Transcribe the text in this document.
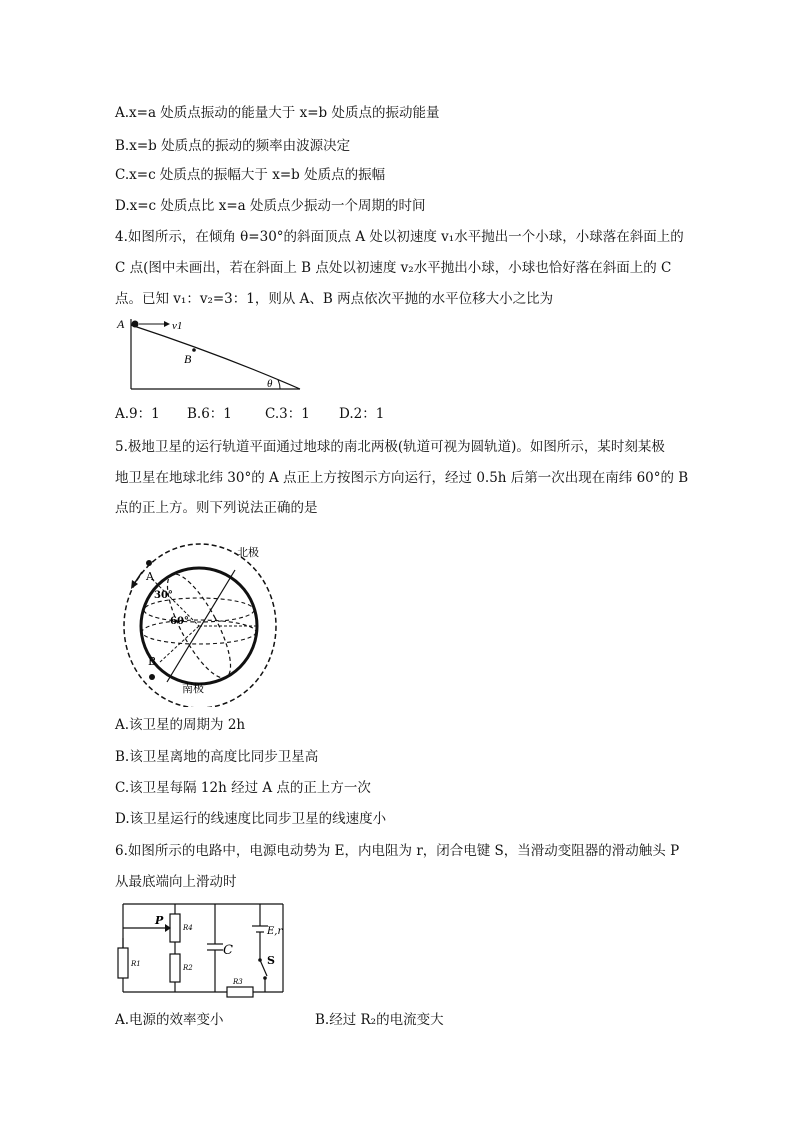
A.x=a 处质点振动的能量大于 x=b 处质点的振动能量
B.x=b 处质点的振动的频率由波源决定
C.x=c 处质点的振幅大于 x=b 处质点的振幅
D.x=c 处质点比 x=a 处质点少振动一个周期的时间
4.如图所示，在倾角 θ=30°的斜面顶点 A 处以初速度 v₁水平抛出一个小球，小球落在斜面上的
C 点(图中未画出，若在斜面上 B 点处以初速度 v₂水平抛出小球，小球也恰好落在斜面上的 C
点。已知 v₁：v₂=3：1，则从 A、B 两点依次平抛的水平位移大小之比为
A	v1
B
θ
A.9：1 B.6：1 C.3：1 D.2：1
5.极地卫星的运行轨道平面通过地球的南北两极(轨道可视为圆轨道)。如图所示，某时刻某极
地卫星在地球北纬 30°的 A 点正上方按图示方向运行，经过 0.5h 后第一次出现在南纬 60°的 B
点的正上方。则下列说法正确的是
北极
南极
A
B
30°
60°
A.该卫星的周期为 2h
B.该卫星离地的高度比同步卫星高
C.该卫星每隔 12h 经过 A 点的正上方一次
D.该卫星运行的线速度比同步卫星的线速度小
6.如图所示的电路中，电源电动势为 E，内电阻为 r，闭合电键 S，当滑动变阻器的滑动触头 P
从最底端向上滑动时
P
R4
R2
R1
R3
C
E,r
S
A.电源的效率变小	B.经过 R₂的电流变大
